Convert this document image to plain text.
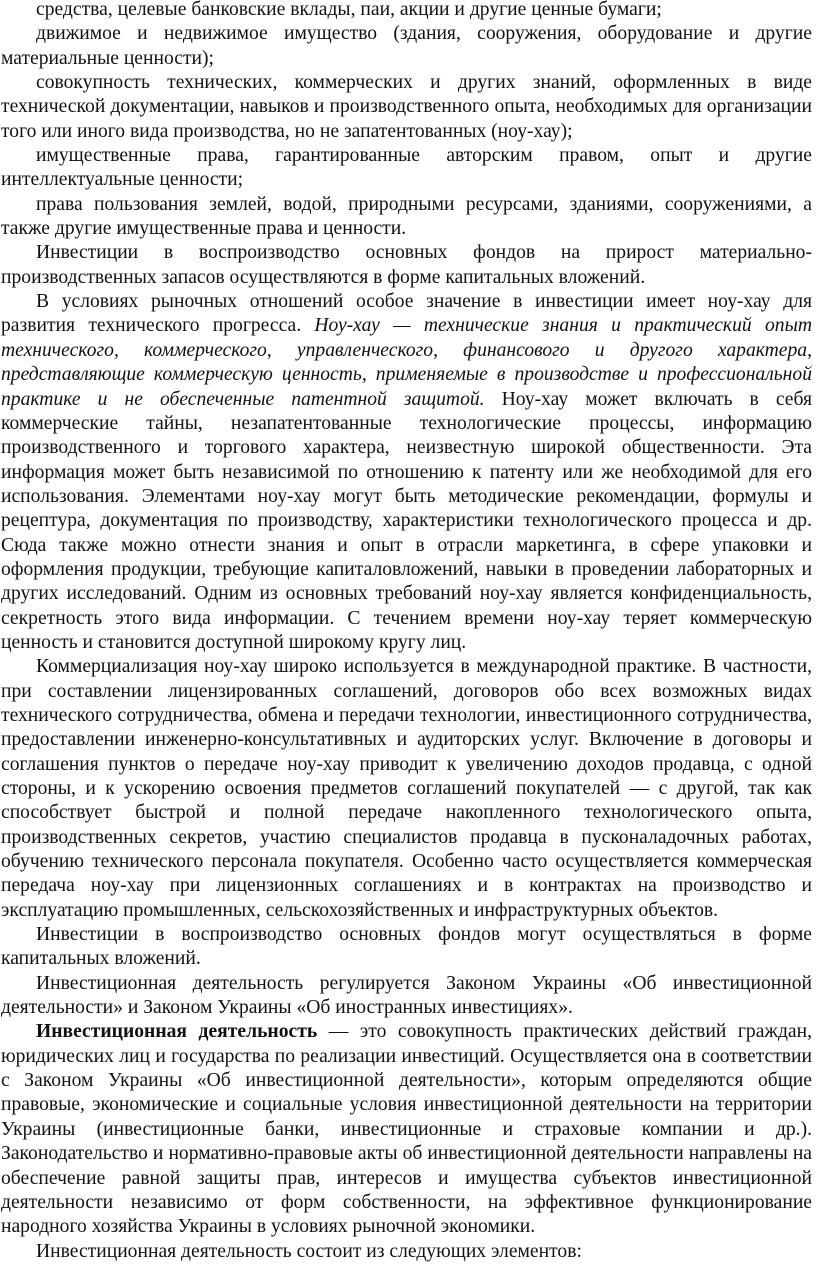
средства, целевые банковские вклады, паи, акции и другие ценные бумаги;

движимое и недвижимое имущество (здания, сооружения, оборудование и другие материальные ценности);

совокупность технических, коммерческих и других знаний, оформленных в виде технической документации, навыков и производственного опыта, необходимых для организации того или иного вида производства, но не запатентованных (ноу-хау);

имущественные права, гарантированные авторским правом, опыт и другие интеллектуальные ценности;

права пользования землей, водой, природными ресурсами, зданиями, сооружениями, а также другие имущественные права и ценности.

Инвестиции в воспроизводство основных фондов на прирост материально-производственных запасов осуществляются в форме капитальных вложений.

В условиях рыночных отношений особое значение в инвестиции имеет ноу-хау для развития технического прогресса. Ноу-хау — технические знания и практический опыт технического, коммерческого, управленческого, финансового и другого характера, представляющие коммерческую ценность, применяемые в производстве и профессиональной практике и не обеспеченные патентной защитой. Ноу-хау может включать в себя коммерческие тайны, незапатентованные технологические процессы, информацию производственного и торгового характера, неизвестную широкой общественности. Эта информация может быть независимой по отношению к патенту или же необходимой для его использования. Элементами ноу-хау могут быть методические рекомендации, формулы и рецептура, документация по производству, характеристики технологического процесса и др. Сюда также можно отнести знания и опыт в отрасли маркетинга, в сфере упаковки и оформления продукции, требующие капиталовложений, навыки в проведении лабораторных и других исследований. Одним из основных требований ноу-хау является конфиденциальность, секретность этого вида информации. С течением времени ноу-хау теряет коммерческую ценность и становится доступной широкому кругу лиц.

Коммерциализация ноу-хау широко используется в международной практике. В частности, при составлении лицензированных соглашений, договоров обо всех возможных видах технического сотрудничества, обмена и передачи технологии, инвестиционного сотрудничества, предоставлении инженерно-консультативных и аудиторских услуг. Включение в договоры и соглашения пунктов о передаче ноу-хау приводит к увеличению доходов продавца, с одной стороны, и к ускорению освоения предметов соглашений покупателей — с другой, так как способствует быстрой и полной передаче накопленного технологического опыта, производственных секретов, участию специалистов продавца в пусконаладочных работах, обучению технического персонала покупателя. Особенно часто осуществляется коммерческая передача ноу-хау при лицензионных соглашениях и в контрактах на производство и эксплуатацию промышленных, сельскохозяйственных и инфраструктурных объектов.

Инвестиции в воспроизводство основных фондов могут осуществляться в форме капитальных вложений.

Инвестиционная деятельность регулируется Законом Украины «Об инвестиционной деятельности» и Законом Украины «Об иностранных инвестициях».

Инвестиционная деятельность — это совокупность практических действий граждан, юридических лиц и государства по реализации инвестиций. Осуществляется она в соответствии с Законом Украины «Об инвестиционной деятельности», которым определяются общие правовые, экономические и социальные условия инвестиционной деятельности на территории Украины (инвестиционные банки, инвестиционные и страховые компании и др.). Законодательство и нормативно-правовые акты об инвестиционной деятельности направлены на обеспечение равной защиты прав, интересов и имущества субъектов инвестиционной деятельности независимо от форм собственности, на эффективное функционирование народного хозяйства Украины в условиях рыночной экономики.

Инвестиционная деятельность состоит из следующих элементов:
